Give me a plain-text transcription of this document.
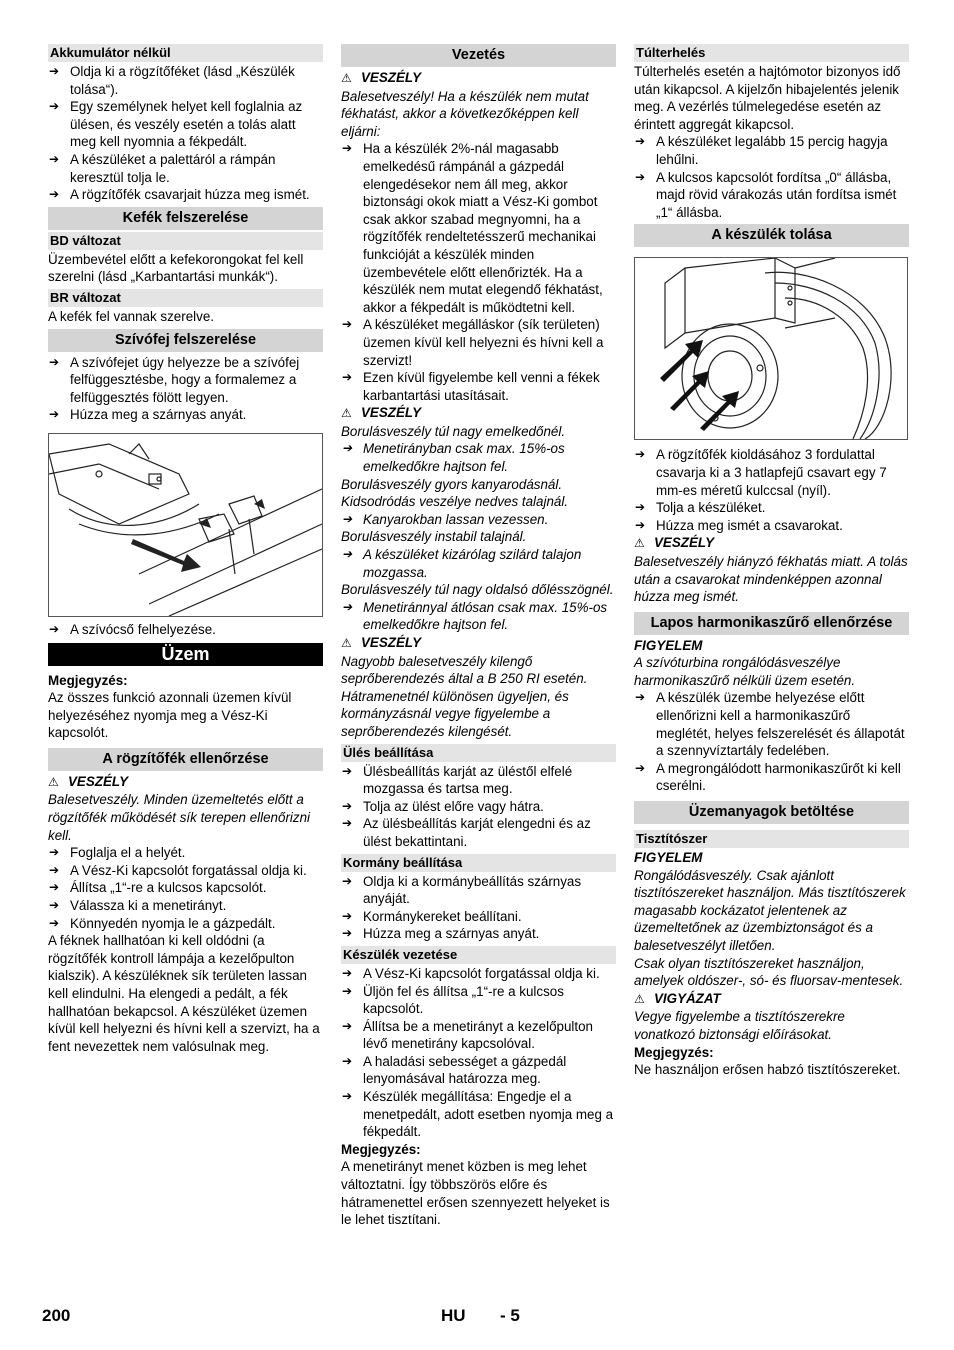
Akkumulátor nélkül
➔ Oldja ki a rögzítőféket (lásd „Készülék tolása“).
➔ Egy személynek helyet kell foglalnia az ülésen, és veszély esetén a tolás alatt meg kell nyomnia a fékpedált.
➔ A készüléket a palettáról a rámpán keresztül tolja le.
➔ A rögzítőfék csavarjait húzza meg ismét.
Kefék felszerelése
BD változat

Üzembevétel előtt a kefekorongokat fel kell szerelni (lásd „Karbantartási munkák“).

BR változat

A kefék fel vannak szerelve.

Szívófej felszerelése
➔ A szívófejet úgy helyezze be a szívófej felfüggesztésbe, hogy a formalemez a felfüggesztés fölött legyen.
➔ Húzza meg a szárnyas anyát.
➔ A szívócső felhelyezése.
Üzem

Megjegyzés:

Az összes funkció azonnali üzemen kívül helyezéséhez nyomja meg a Vész-Ki kapcsolót.

A rögzítőfék ellenőrzése

⚠ VESZÉLY

Balesetveszély. Minden üzemeltetés előtt a rögzítőfék működését sík terepen ellenőrizni kell.

➔ Foglalja el a helyét.
➔ A Vész-Ki kapcsolót forgatással oldja ki.
➔ Állítsa „1“-re a kulcsos kapcsolót.
➔ Válassza ki a menetirányt.
➔ Könnyedén nyomja le a gázpedált.

A féknek hallhatóan ki kell oldódni (a rögzítőfék kontroll lámpája a kezelőpulton kialszik). A készüléknek sík területen lassan kell elindulni. Ha elengedi a pedált, a fék hallhatóan bekapcsol. A készüléket üzemen kívül kell helyezni és hívni kell a szervizt, ha a fent nevezettek nem valósulnak meg.

Vezetés

⚠ VESZÉLY

Balesetveszély! Ha a készülék nem mutat fékhatást, akkor a következőképpen kell eljárni:

➔ Ha a készülék 2%-nál magasabb emelkedésű rámpánál a gázpedál elengedésekor nem áll meg, akkor biztonsági okok miatt a Vész-Ki gombot csak akkor szabad megnyomni, ha a rögzítőfék rendeltetésszerű mechanikai funkcióját a készülék minden üzembevétele előtt ellenőrizték. Ha a készülék nem mutat elegendő fékhatást, akkor a fékpedált is működtetni kell.
➔ A készüléket megálláskor (sík területen) üzemen kívül kell helyezni és hívni kell a szervizt!
➔ Ezen kívül figyelembe kell venni a fékek karbantartási utasításait.

⚠ VESZÉLY

Borulásveszély túl nagy emelkedőnél.

➔ Menetirányban csak max. 15%-os emelkedőkre hajtson fel.

Borulásveszély gyors kanyarodásnál. Kidsodródás veszélye nedves talajnál.

➔ Kanyarokban lassan vezessen.

Borulásveszély instabil talajnál.

➔ A készüléket kizárólag szilárd talajon mozgassa.

Borulásveszély túl nagy oldalsó dőlésszögnél.

➔ Menetiránnyal átlósan csak max. 15%-os emelkedőkre hajtson fel.

⚠ VESZÉLY

Nagyobb balesetveszély kilengő seprőberendezés által a B 250 RI esetén. Hátramenetnél különösen ügyeljen, és kormányzásnál vegye figyelembe a seprőberendezés kilengését.

Ülés beállítása
➔ Ülésbeállítás karját az üléstől elfelé mozgassa és tartsa meg.
➔ Tolja az ülést előre vagy hátra.
➔ Az ülésbeállítás karját elengedni és az ülést bekattintani.
Kormány beállítása
➔ Oldja ki a kormánybeállítás szárnyas anyáját.
➔ Kormánykereket beállítani.
➔ Húzza meg a szárnyas anyát.
Készülék vezetése
➔ A Vész-Ki kapcsolót forgatással oldja ki.
➔ Üljön fel és állítsa „1“-re a kulcsos kapcsolót.
➔ Állítsa be a menetirányt a kezelőpulton lévő menetirány kapcsolóval.
➔ A haladási sebességet a gázpedál lenyomásával határozza meg.
➔ Készülék megállítása: Engedje el a menetpedált, adott esetben nyomja meg a fékpedált.

Megjegyzés:

A menetirányt menet közben is meg lehet változtatni. Így többszörös előre és hátramenettel erősen szennyezett helyeket is le lehet tisztítani.

Túlterhelés

Túlterhelés esetén a hajtómotor bizonyos idő után kikapcsol. A kijelzőn hibajelentés jelenik meg. A vezérlés túlmelegedése esetén az érintett aggregát kikapcsol.

➔ A készüléket legalább 15 percig hagyja lehűlni.
➔ A kulcsos kapcsolót fordítsa „0“ állásba, majd rövid várakozás után fordítsa ismét „1“ állásba.
A készülék tolása
➔ A rögzítőfék kioldásához 3 fordulattal csavarja ki a 3 hatlapfejű csavart egy 7 mm-es méretű kulccsal (nyíl).
➔ Tolja a készüléket.
➔ Húzza meg ismét a csavarokat.

⚠ VESZÉLY

Balesetveszély hiányzó fékhatás miatt. A tolás után a csavarokat mindenképpen azonnal húzza meg ismét.

Lapos harmonikaszűrő ellenőrzése

FIGYELEM

A szívóturbina rongálódásveszélye harmonikaszűrő nélküli üzem esetén.

➔ A készülék üzembe helyezése előtt ellenőrizni kell a harmonikaszűrő meglétét, helyes felszerelését és állapotát a szennyvíztartály fedelében.
➔ A megrongálódott harmonikaszűrőt ki kell cserélni.
Üzemanyagok betöltése
Tisztítószer

FIGYELEM

Rongálódásveszély. Csak ajánlott tisztítószereket használjon. Más tisztítószerek magasabb kockázatot jelentenek az üzemeltetőnek az üzembiztonságot és a balesetveszélyt illetően.

Csak olyan tisztítószereket használjon, amelyek oldószer-, só- és fluorsav-mentesek.

⚠ VIGYÁZAT

Vegye figyelembe a tisztítószerekre vonatkozó biztonsági előírásokat.

Megjegyzés:

Ne használjon erősen habzó tisztítószereket.

200	HU - 5
